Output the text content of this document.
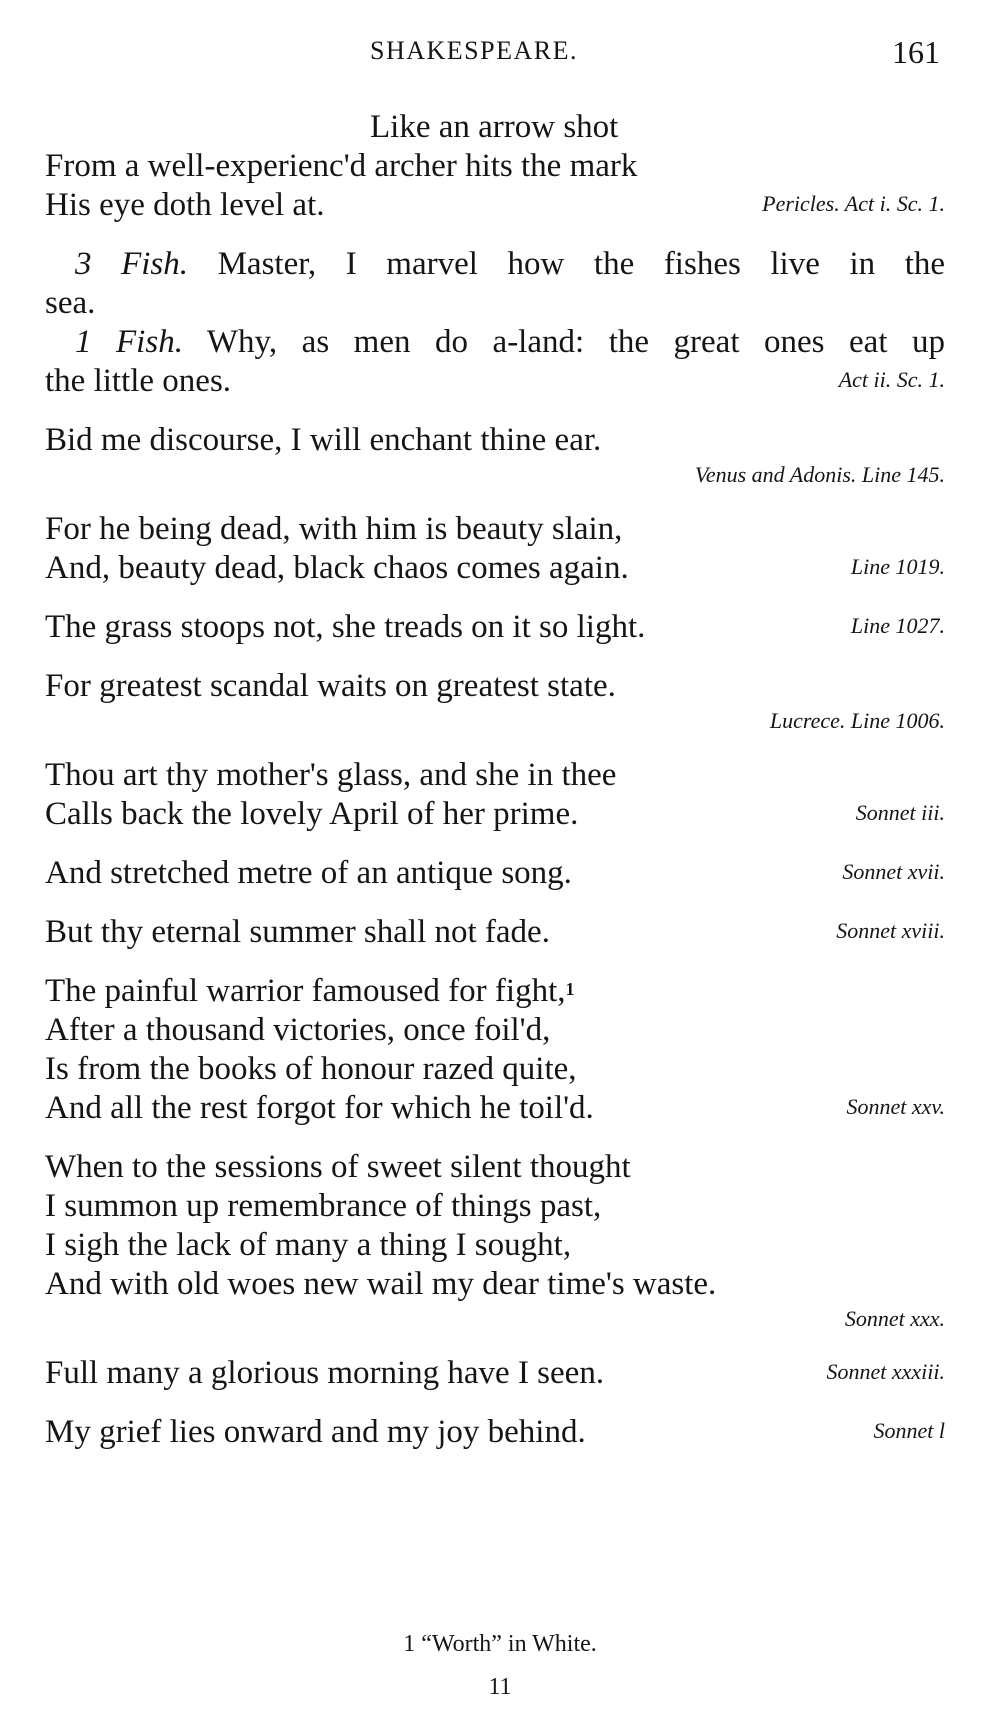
SHAKESPEARE.	161
Like an arrow shot
From a well-experienc'd archer hits the mark
His eye doth level at.	Pericles. Act i. Sc. 1.
3 Fish. Master, I marvel how the fishes live in the
sea.
1 Fish. Why, as men do a-land: the great ones eat up
the little ones.	Act ii. Sc. 1.
Bid me discourse, I will enchant thine ear.
Venus and Adonis. Line 145.
For he being dead, with him is beauty slain,
And, beauty dead, black chaos comes again.	Line 1019.
The grass stoops not, she treads on it so light.	Line 1027.
For greatest scandal waits on greatest state.
Lucrece. Line 1006.
Thou art thy mother's glass, and she in thee
Calls back the lovely April of her prime.	Sonnet iii.
And stretched metre of an antique song.	Sonnet xvii.
But thy eternal summer shall not fade.	Sonnet xviii.
The painful warrior famoused for fight,$^1$
After a thousand victories, once foil'd,
Is from the books of honour razed quite,
And all the rest forgot for which he toil'd.	Sonnet xxv.
When to the sessions of sweet silent thought
I summon up remembrance of things past,
I sigh the lack of many a thing I sought,
And with old woes new wail my dear time's waste.
Sonnet xxx.
Full many a glorious morning have I seen.	Sonnet xxxiii.
My grief lies onward and my joy behind.	Sonnet l
1 “Worth” in White.
11
